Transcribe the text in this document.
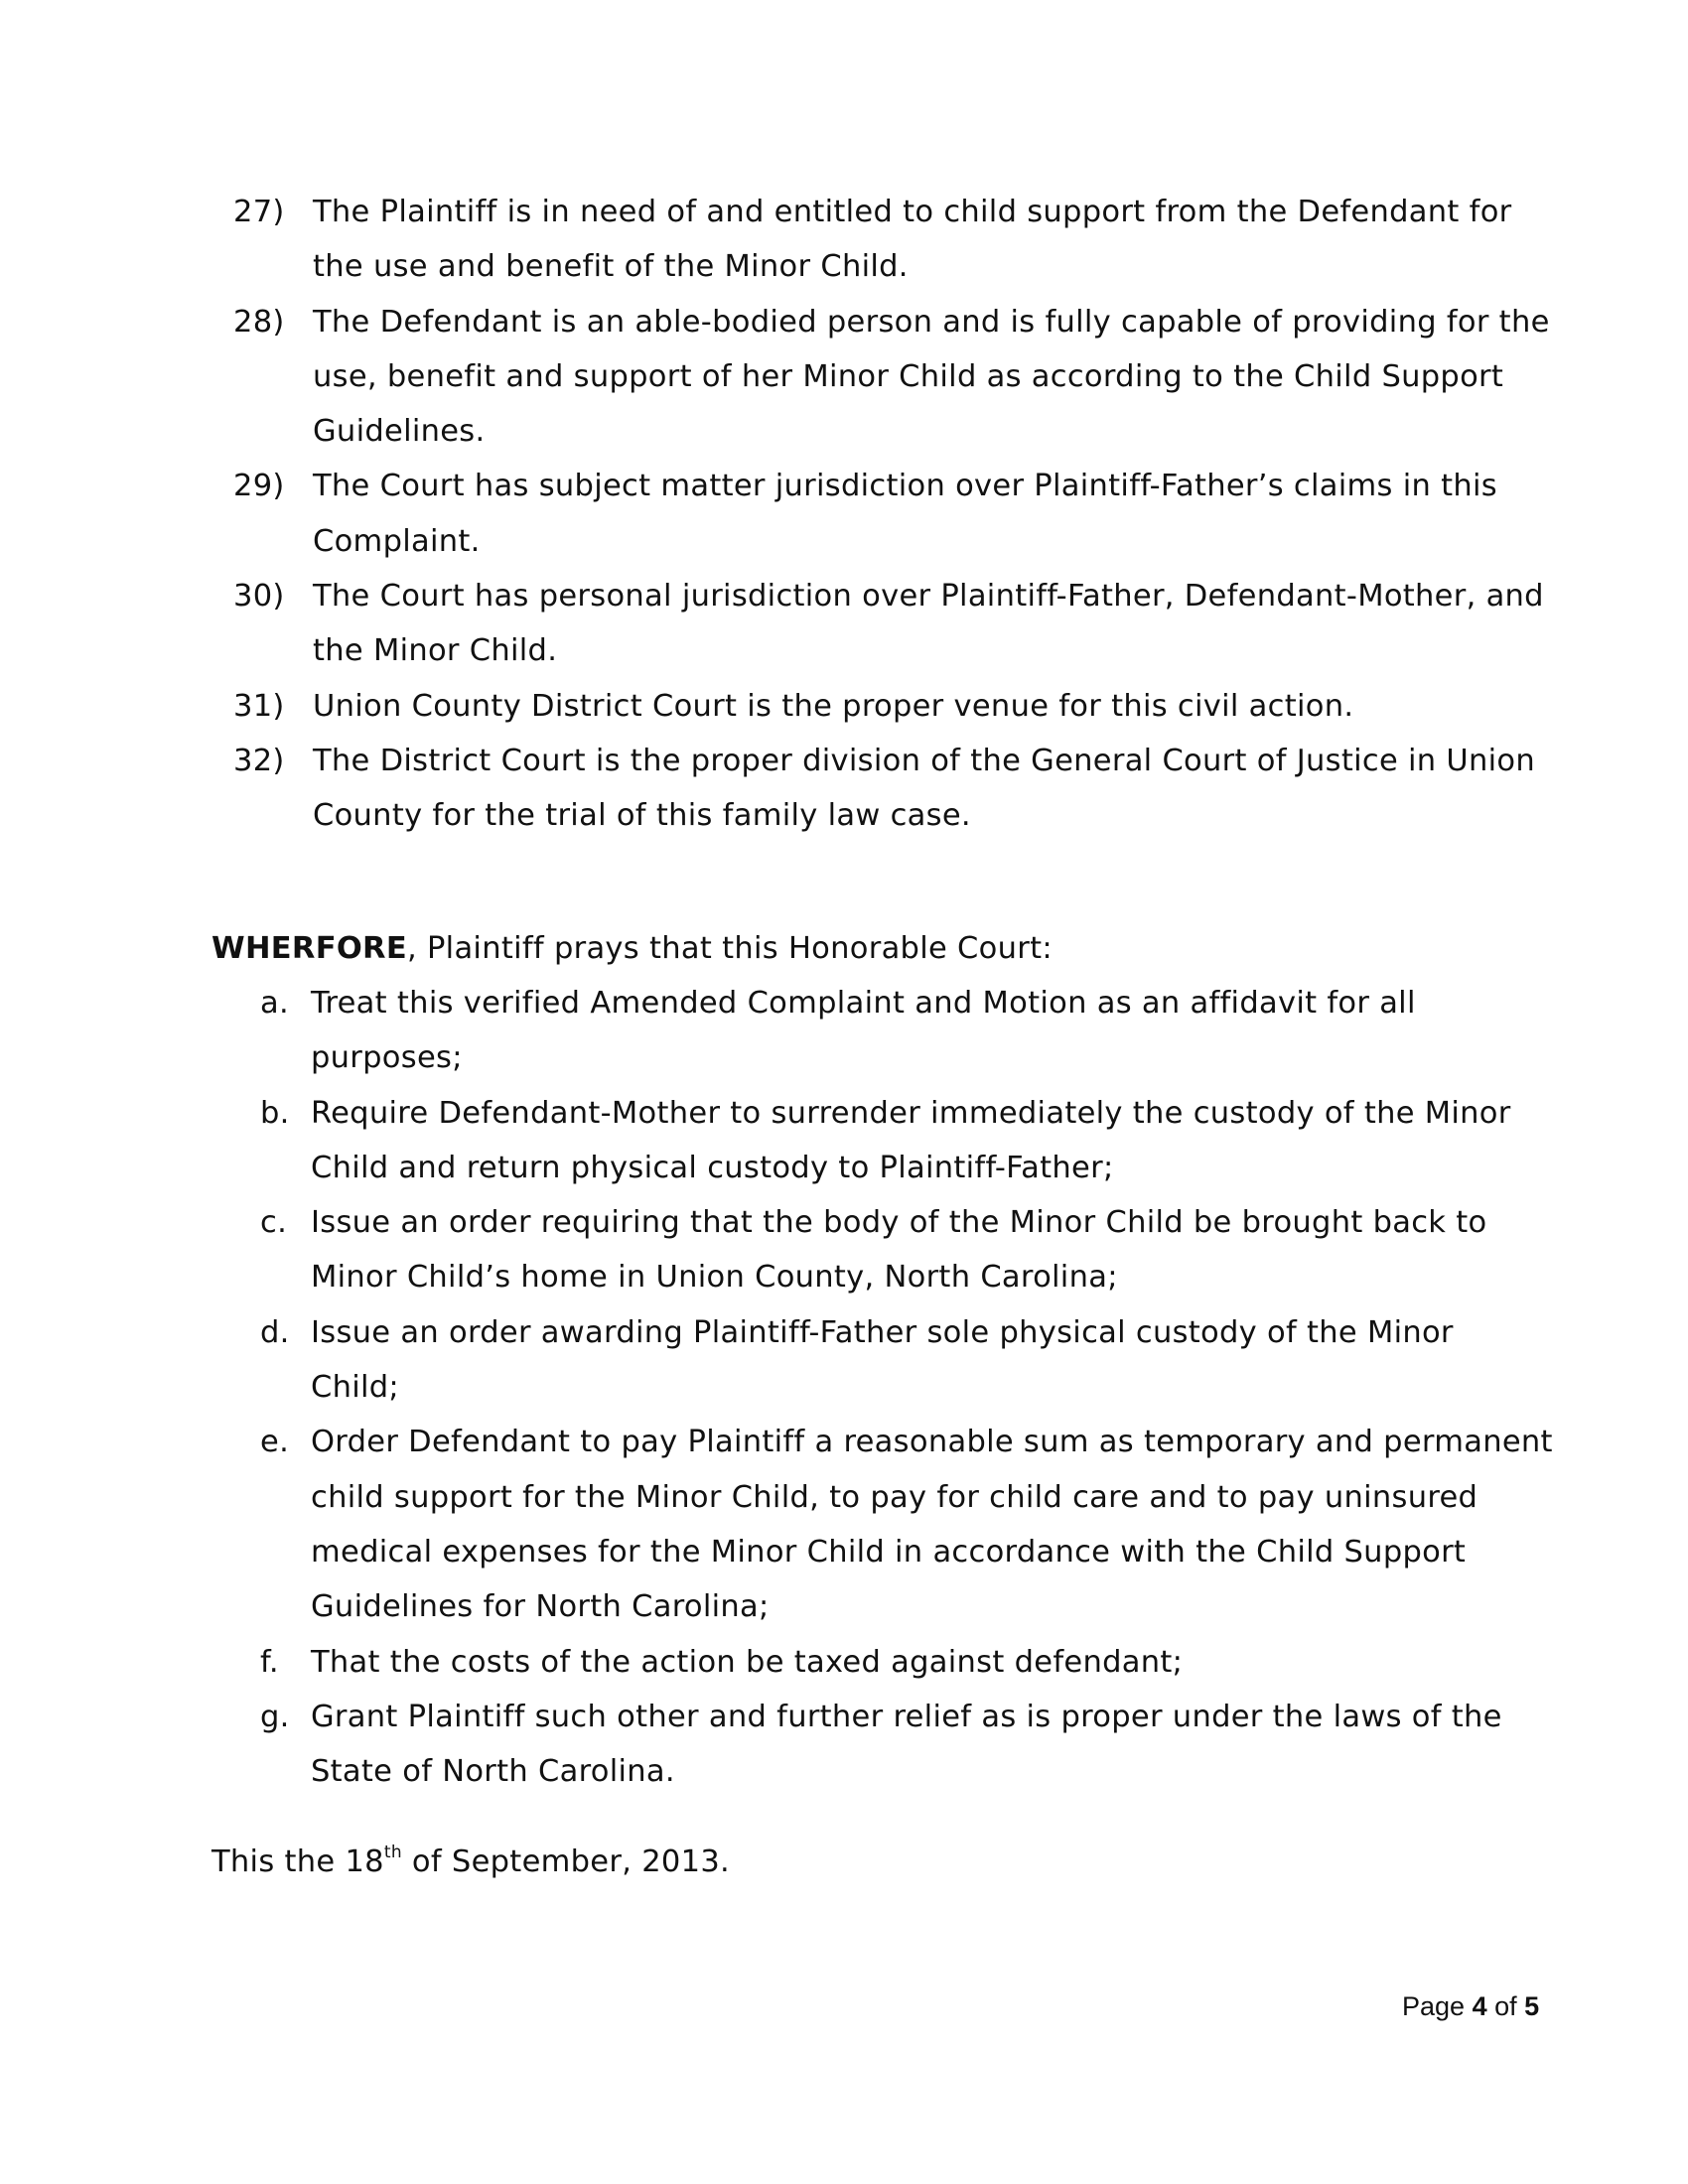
27) The Plaintiff is in need of and entitled to child support from the Defendant for
the use and benefit of the Minor Child.
28) The Defendant is an able-bodied person and is fully capable of providing for the
use, benefit and support of her Minor Child as according to the Child Support
Guidelines.
29) The Court has subject matter jurisdiction over Plaintiff-Father’s claims in this
Complaint.
30) The Court has personal jurisdiction over Plaintiff-Father, Defendant-Mother, and
the Minor Child.
31) Union County District Court is the proper venue for this civil action.
32) The District Court is the proper division of the General Court of Justice in Union
County for the trial of this family law case.
WHERFORE, Plaintiff prays that this Honorable Court:
a. Treat this verified Amended Complaint and Motion as an affidavit for all
purposes;
b. Require Defendant-Mother to surrender immediately the custody of the Minor
Child and return physical custody to Plaintiff-Father;
c. Issue an order requiring that the body of the Minor Child be brought back to
Minor Child’s home in Union County, North Carolina;
d. Issue an order awarding Plaintiff-Father sole physical custody of the Minor
Child;
e. Order Defendant to pay Plaintiff a reasonable sum as temporary and permanent
child support for the Minor Child, to pay for child care and to pay uninsured
medical expenses for the Minor Child in accordance with the Child Support
Guidelines for North Carolina;
f.	That the costs of the action be taxed against defendant;
g. Grant Plaintiff such other and further relief as is proper under the laws of the
State of North Carolina.
This the 18th of September, 2013.
Page 4 of 5
